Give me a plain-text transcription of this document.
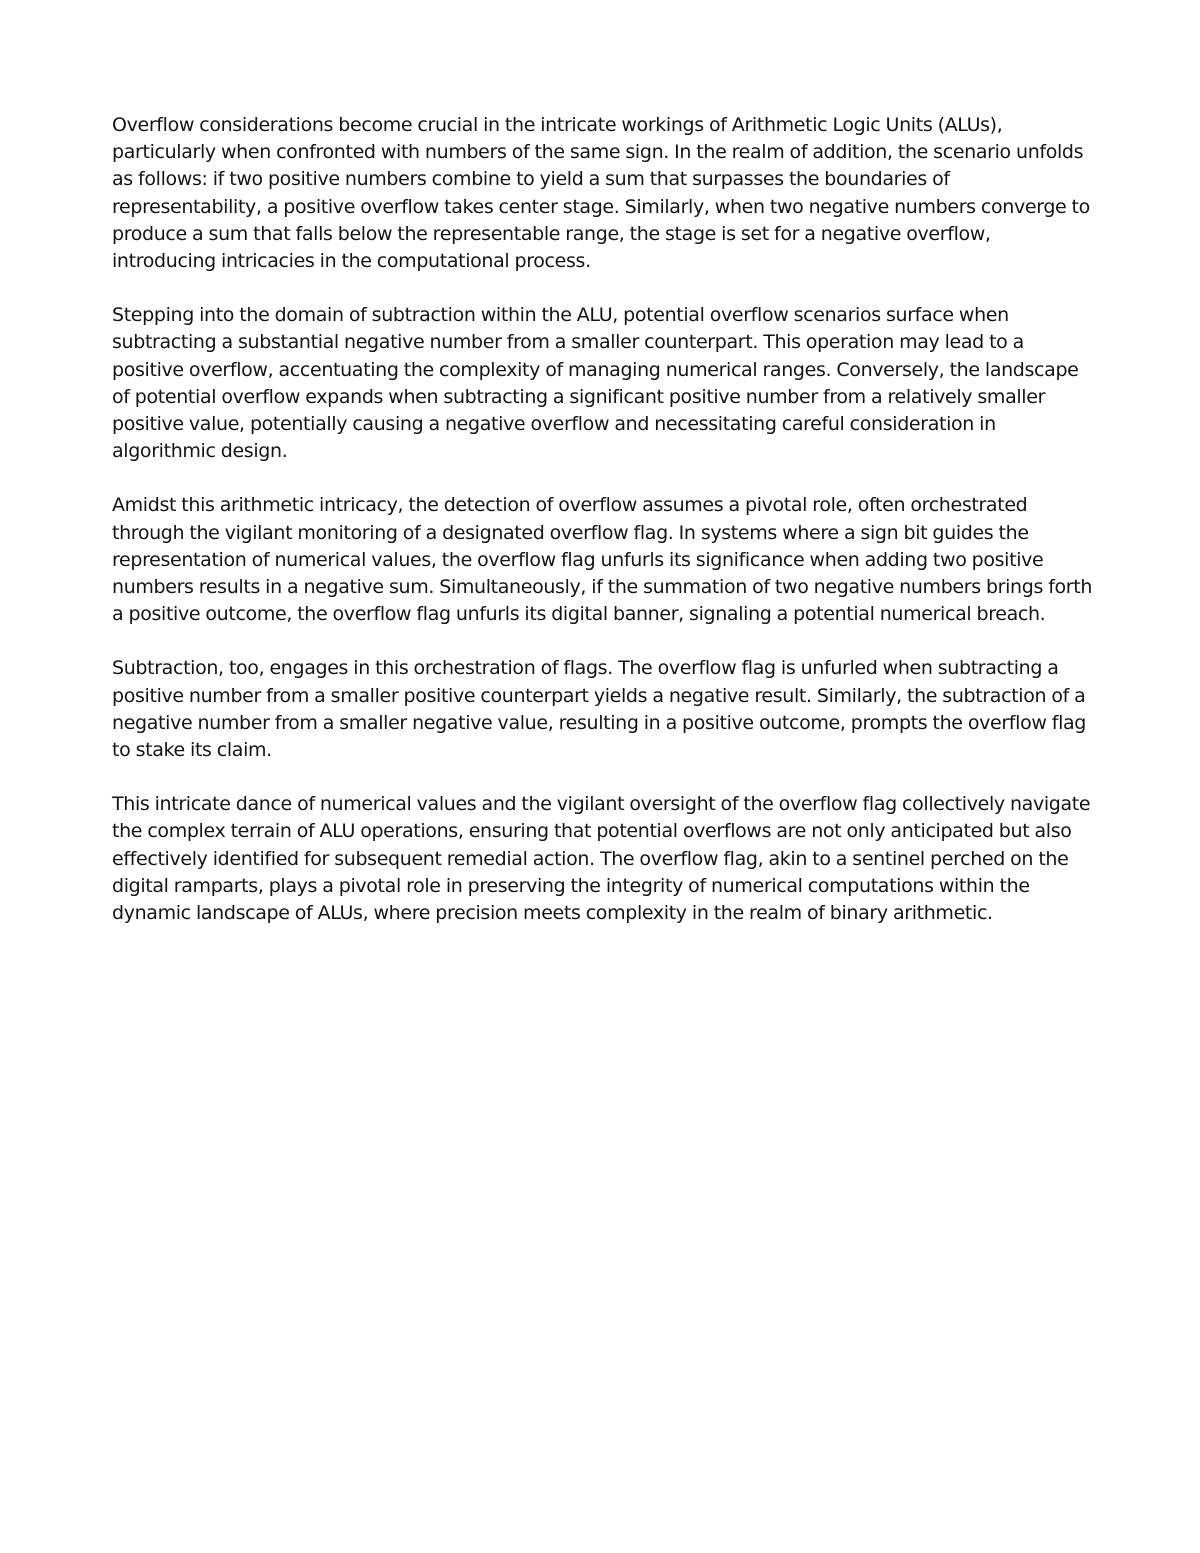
Overflow considerations become crucial in the intricate workings of Arithmetic Logic Units (ALUs), particularly when confronted with numbers of the same sign. In the realm of addition, the scenario unfolds as follows: if two positive numbers combine to yield a sum that surpasses the boundaries of representability, a positive overflow takes center stage. Similarly, when two negative numbers converge to produce a sum that falls below the representable range, the stage is set for a negative overflow, introducing intricacies in the computational process.

Stepping into the domain of subtraction within the ALU, potential overflow scenarios surface when subtracting a substantial negative number from a smaller counterpart. This operation may lead to a positive overflow, accentuating the complexity of managing numerical ranges. Conversely, the landscape of potential overflow expands when subtracting a significant positive number from a relatively smaller positive value, potentially causing a negative overflow and necessitating careful consideration in algorithmic design.

Amidst this arithmetic intricacy, the detection of overflow assumes a pivotal role, often orchestrated through the vigilant monitoring of a designated overflow flag. In systems where a sign bit guides the representation of numerical values, the overflow flag unfurls its significance when adding two positive numbers results in a negative sum. Simultaneously, if the summation of two negative numbers brings forth a positive outcome, the overflow flag unfurls its digital banner, signaling a potential numerical breach.

Subtraction, too, engages in this orchestration of flags. The overflow flag is unfurled when subtracting a positive number from a smaller positive counterpart yields a negative result. Similarly, the subtraction of a negative number from a smaller negative value, resulting in a positive outcome, prompts the overflow flag to stake its claim.

This intricate dance of numerical values and the vigilant oversight of the overflow flag collectively navigate the complex terrain of ALU operations, ensuring that potential overflows are not only anticipated but also effectively identified for subsequent remedial action. The overflow flag, akin to a sentinel perched on the digital ramparts, plays a pivotal role in preserving the integrity of numerical computations within the dynamic landscape of ALUs, where precision meets complexity in the realm of binary arithmetic.
